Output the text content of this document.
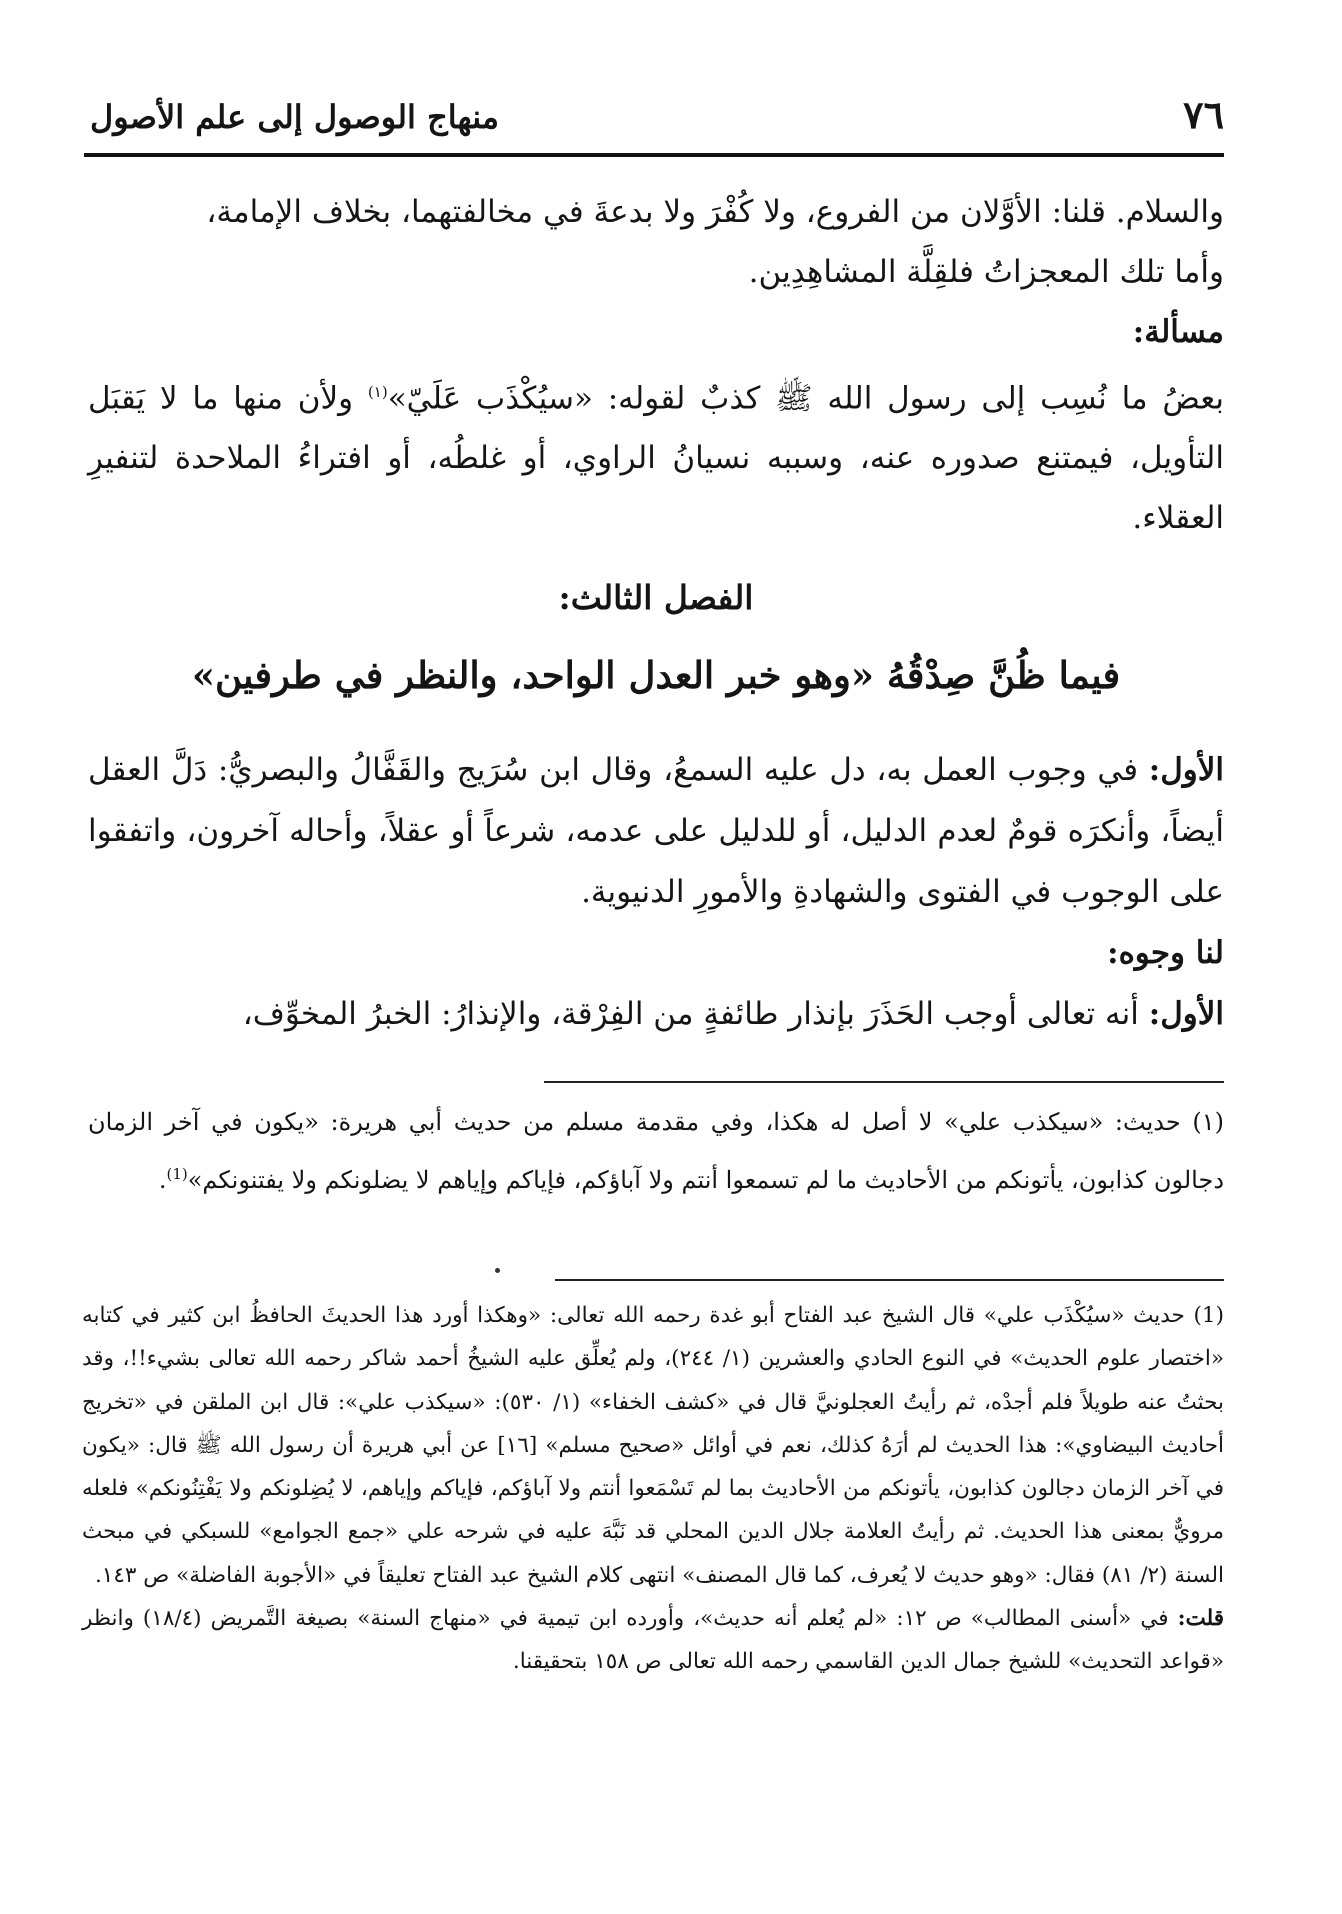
٧٦
منهاج الوصول إلى علم الأصول

والسلام. قلنا: الأوَّلان من الفروع، ولا كُفْرَ ولا بدعةَ في مخالفتهما، بخلاف الإمامة،

وأما تلك المعجزاتُ فلقِلَّة المشاهِدِين.

مسألة:

بعضُ ما نُسِب إلى رسول الله ﷺ كذبٌ لقوله: «سيُكْذَب عَلَيّ»$^{(١)}$ ولأن منها ما لا يَقبَل التأويل، فيمتنع صدوره عنه، وسببه نسيانُ الراوي، أو غلطُه، أو افتراءُ الملاحدة لتنفيرِ العقلاء.

الفصل الثالث:
فيما ظُنَّ صِدْقُهُ «وهو خبر العدل الواحد، والنظر في طرفين»

الأول: في وجوب العمل به، دل عليه السمعُ، وقال ابن سُرَيج والقَفَّالُ والبصريُّ: دَلَّ العقل أيضاً، وأنكرَه قومٌ لعدم الدليل، أو للدليل على عدمه، شرعاً أو عقلاً، وأحاله آخرون، واتفقوا على الوجوب في الفتوى والشهادةِ والأمورِ الدنيوية.

لنا وجوه:

الأول: أنه تعالى أوجب الحَذَرَ بإنذار طائفةٍ من الفِرْقة، والإنذارُ: الخبرُ المخوِّف،

(١) حديث: «سيكذب علي» لا أصل له هكذا، وفي مقدمة مسلم من حديث أبي هريرة: «يكون في آخر الزمان دجالون كذابون، يأتونكم من الأحاديث ما لم تسمعوا أنتم ولا آباؤكم، فإياكم وإياهم لا يضلونكم ولا يفتنونكم»$^{(1)}$.

(1) حديث «سيُكْذَب علي» قال الشيخ عبد الفتاح أبو غدة رحمه الله تعالى: «وهكذا أورد هذا الحديثَ الحافظُ ابن كثير في كتابه «اختصار علوم الحديث» في النوع الحادي والعشرين (١/ ٢٤٤)، ولم يُعلِّق عليه الشيخُ أحمد شاكر رحمه الله تعالى بشيء!!، وقد بحثتُ عنه طويلاً فلم أجدْه، ثم رأيتُ العجلونيَّ قال في «كشف الخفاء» (١/ ٥٣٠): «سيكذب علي»: قال ابن الملقن في «تخريج أحاديث البيضاوي»: هذا الحديث لم أرَهُ كذلك، نعم في أوائل «صحيح مسلم» [١٦] عن أبي هريرة أن رسول الله ﷺ قال: «يكون في آخر الزمان دجالون كذابون، يأتونكم من الأحاديث بما لم تَسْمَعوا أنتم ولا آباؤكم، فإياكم وإياهم، لا يُضِلونكم ولا يَفْتِنُونكم» فلعله مرويٌّ بمعنى هذا الحديث. ثم رأيتُ العلامة جلال الدين المحلي قد نَبَّهَ عليه في شرحه علي «جمع الجوامع» للسبكي في مبحث السنة (٢/ ٨١) فقال: «وهو حديث لا يُعرف، كما قال المصنف» انتهى كلام الشيخ عبد الفتاح تعليقاً في «الأجوبة الفاضلة» ص ١٤٣.

قلت: في «أسنى المطالب» ص ١٢: «لم يُعلم أنه حديث»، وأورده ابن تيمية في «منهاج السنة» بصيغة التَّمريض (١٨/٤) وانظر «قواعد التحديث» للشيخ جمال الدين القاسمي رحمه الله تعالى ص ١٥٨ بتحقيقنا.
